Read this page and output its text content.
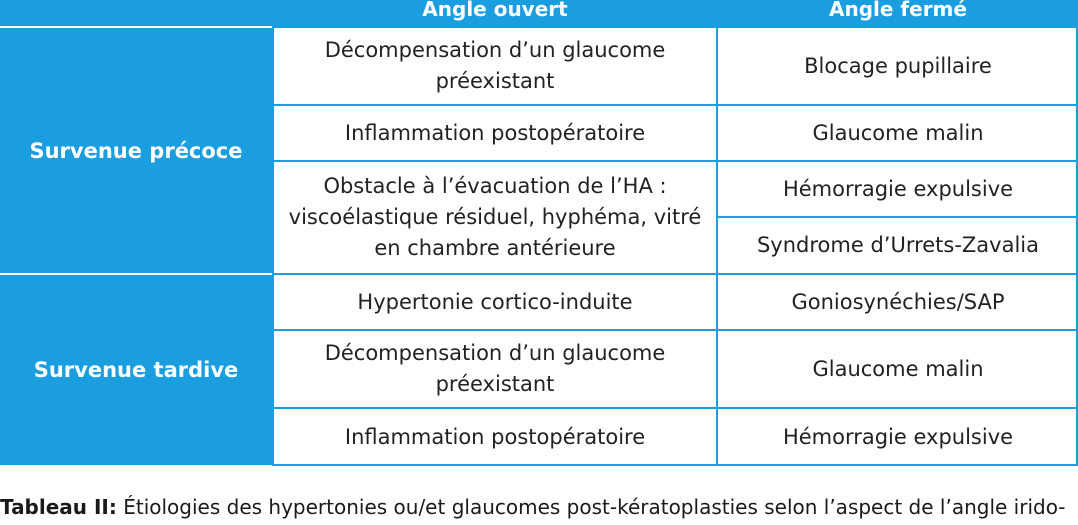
Angle ouvert	Angle fermé
Survenue précoce
Survenue tardive
Décompensation d’un glaucome préexistant
Inflammation postopératoire
Obstacle à l’évacuation de l’HA : viscoélastique résiduel, hyphéma, vitré en chambre antérieure
Hypertonie cortico-induite
Décompensation d’un glaucome préexistant
Inflammation postopératoire
Blocage pupillaire
Glaucome malin
Hémorragie expulsive
Syndrome d’Urrets-Zavalia
Goniosynéchies/SAP
Glaucome malin
Hémorragie expulsive
Tableau II: Étiologies des hypertonies ou/et glaucomes post-kératoplasties selon l’aspect de l’angle irido-
